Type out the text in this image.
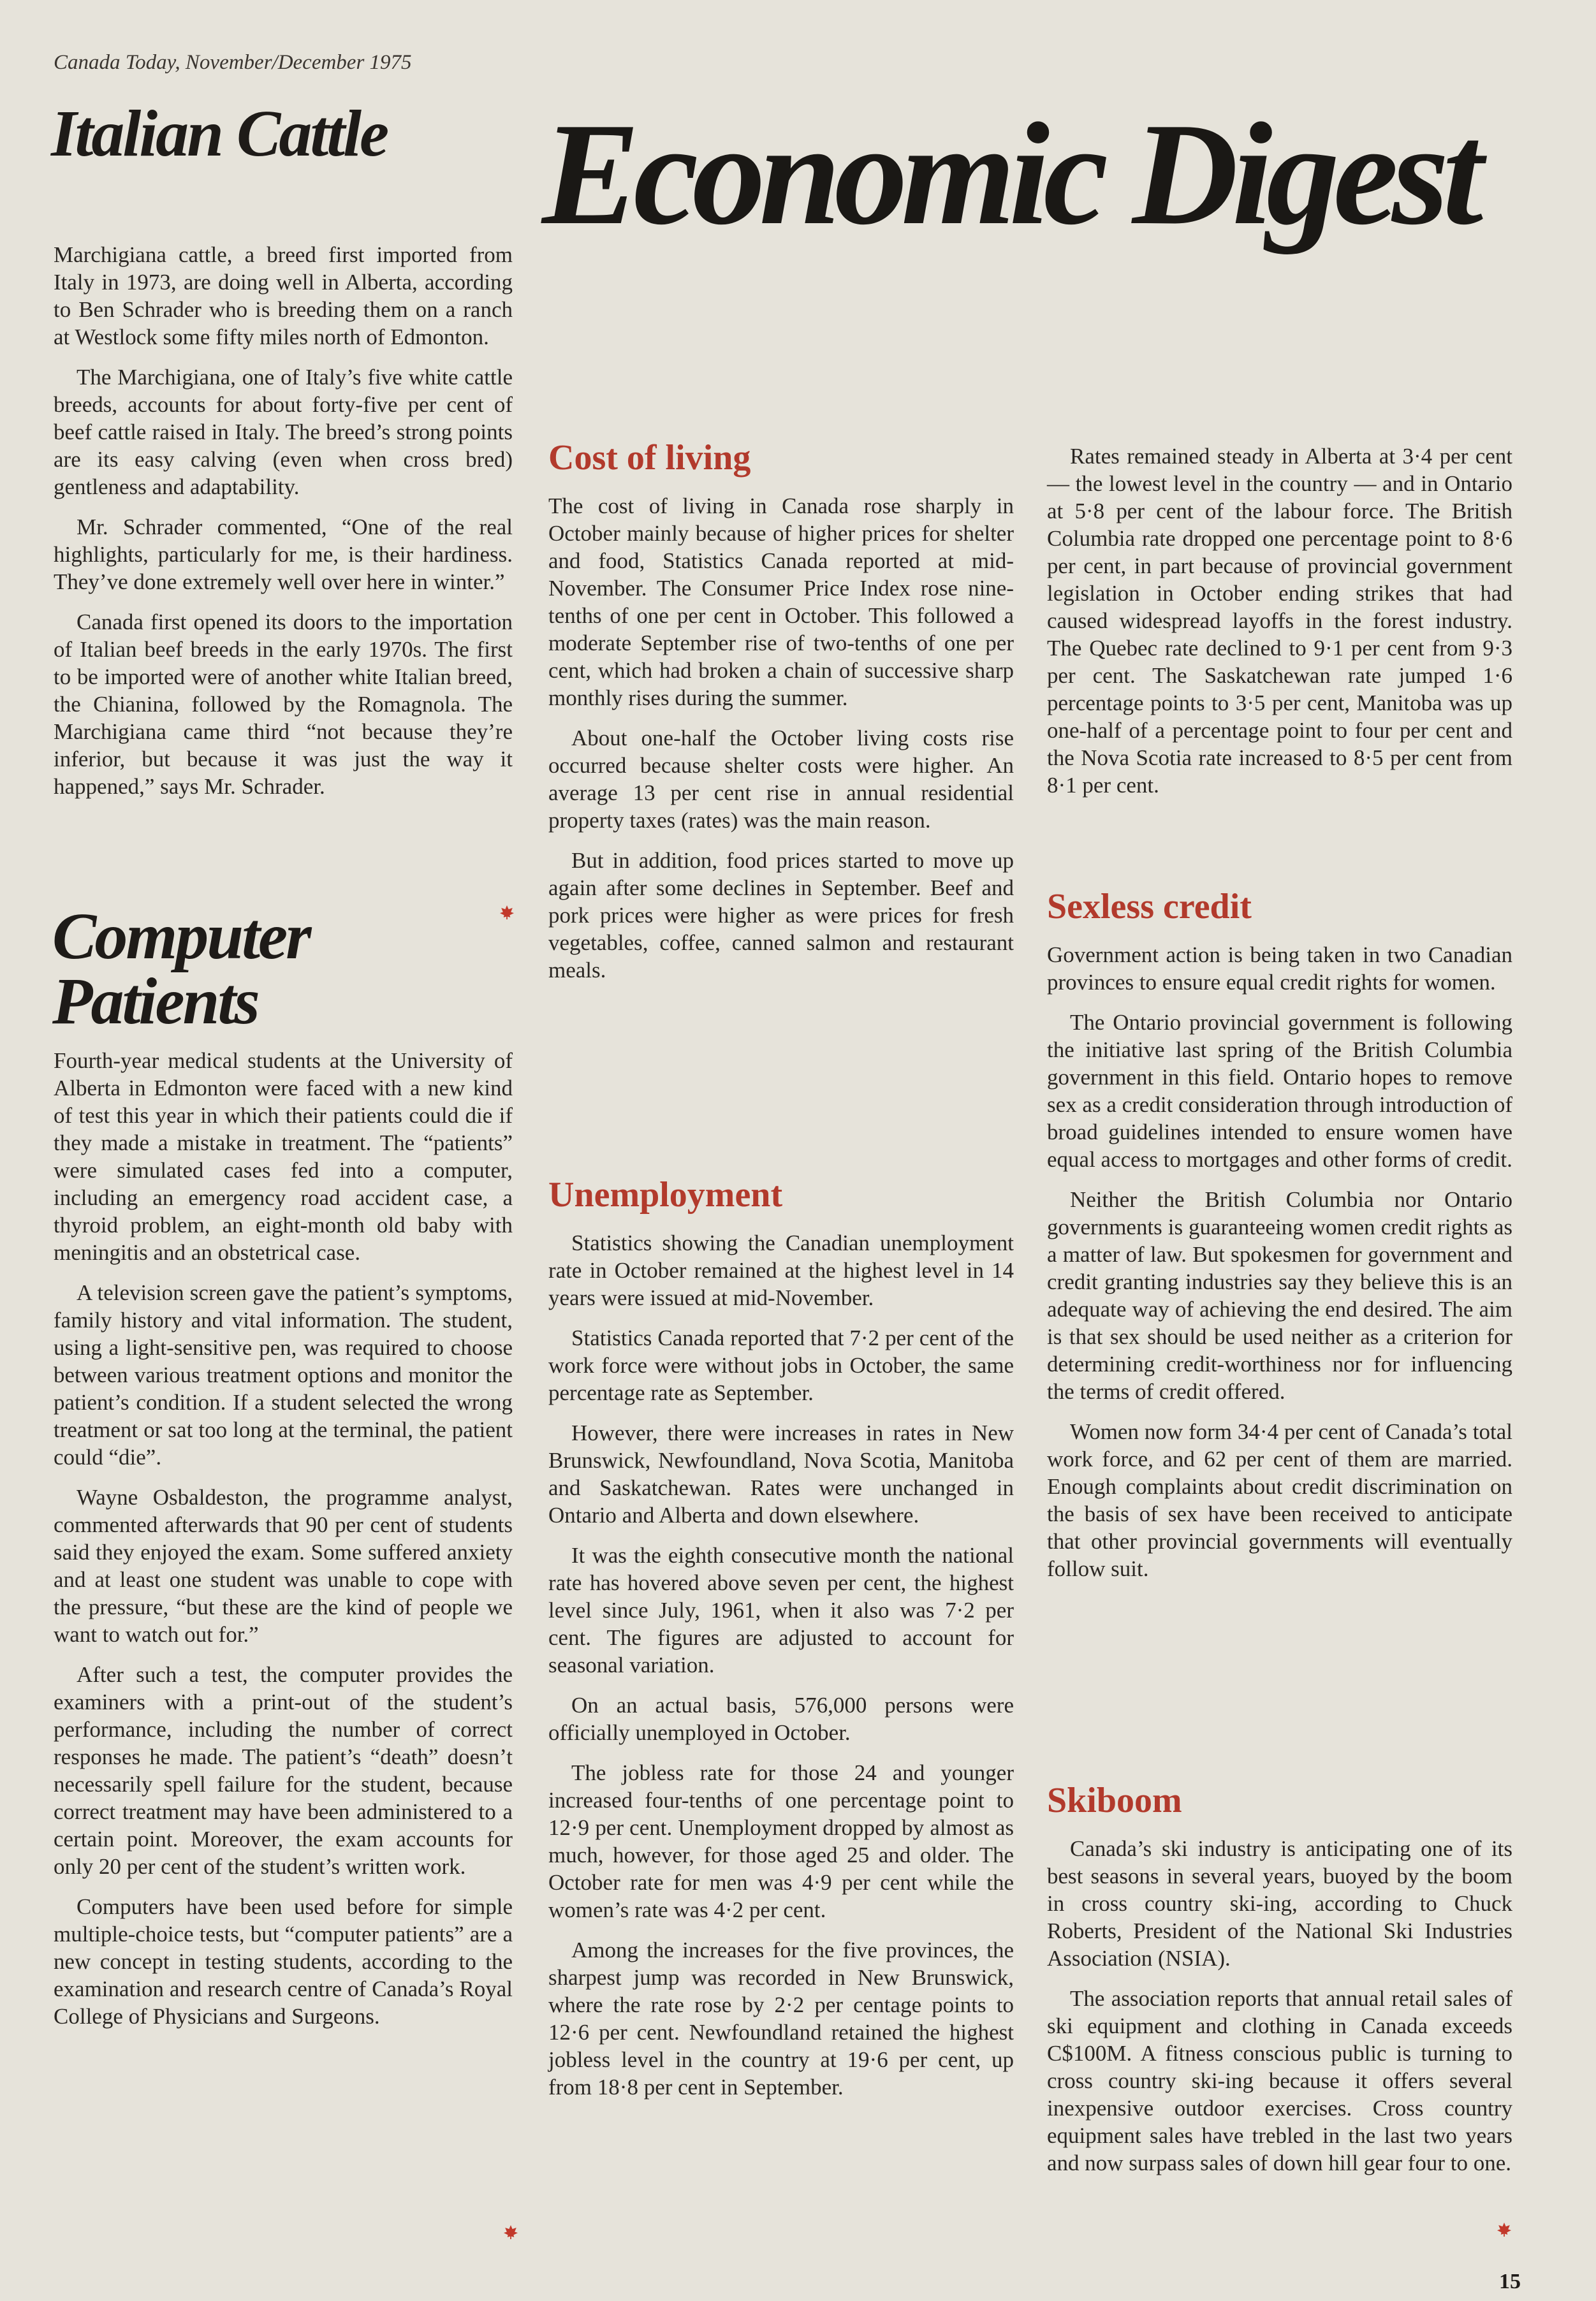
Canada Today, November/December 1975
Italian Cattle Economic Digest

Marchigiana cattle, a breed first imported from Italy in 1973, are doing well in Alberta, according to Ben Schrader who is breeding them on a ranch at Westlock some fifty miles north of Edmonton.

The Marchigiana, one of Italy’s five white cattle breeds, accounts for about forty-five per cent of beef cattle raised in Italy. The breed’s strong points are its easy calving (even when cross bred) gentleness and adaptability.

Mr. Schrader commented, “One of the real highlights, particularly for me, is their hardiness. They’ve done extremely well over here in winter.”

Canada first opened its doors to the importation of Italian beef breeds in the early 1970s. The first to be imported were of another white Italian breed, the Chianina, followed by the Romagnola. The Marchigiana came third “not because they’re inferior, but because it was just the way it happened,” says Mr. Schrader.

Computer
Patients

Fourth-year medical students at the University of Alberta in Edmonton were faced with a new kind of test this year in which their patients could die if they made a mistake in treatment. The “patients” were simulated cases fed into a computer, including an emergency road accident case, a thyroid problem, an eight-month old baby with meningitis and an obstetrical case.

A television screen gave the patient’s symptoms, family history and vital information. The student, using a light-sensitive pen, was required to choose between various treatment options and monitor the patient’s condition. If a student selected the wrong treatment or sat too long at the terminal, the patient could “die”.

Wayne Osbaldeston, the programme analyst, commented afterwards that 90 per cent of students said they enjoyed the exam. Some suffered anxiety and at least one student was unable to cope with the pressure, “but these are the kind of people we want to watch out for.”

After such a test, the computer provides the examiners with a print-out of the student’s performance, including the number of correct responses he made. The patient’s “death” doesn’t necessarily spell failure for the student, because correct treatment may have been administered to a certain point. Moreover, the exam accounts for only 20 per cent of the student’s written work.

Computers have been used before for simple multiple-choice tests, but “computer patients” are a new concept in testing students, according to the examination and research centre of Canada’s Royal College of Physicians and Surgeons.

Cost of living

The cost of living in Canada rose sharply in October mainly because of higher prices for shelter and food, Statistics Canada reported at mid-November. The Consumer Price Index rose nine-tenths of one per cent in October. This followed a moderate September rise of two-tenths of one per cent, which had broken a chain of successive sharp monthly rises during the summer.

About one-half the October living costs rise occurred because shelter costs were higher. An average 13 per cent rise in annual residential property taxes (rates) was the main reason.

But in addition, food prices started to move up again after some declines in September. Beef and pork prices were higher as were prices for fresh vegetables, coffee, canned salmon and restaurant meals.

Unemployment

Statistics showing the Canadian unemployment rate in October remained at the highest level in 14 years were issued at mid-November.

Statistics Canada reported that 7·2 per cent of the work force were without jobs in October, the same percentage rate as September.

However, there were increases in rates in New Brunswick, Newfoundland, Nova Scotia, Manitoba and Saskatchewan. Rates were unchanged in Ontario and Alberta and down elsewhere.

It was the eighth consecutive month the national rate has hovered above seven per cent, the highest level since July, 1961, when it also was 7·2 per cent. The figures are adjusted to account for seasonal variation.

On an actual basis, 576,000 persons were officially unemployed in October.

The jobless rate for those 24 and younger increased four-tenths of one percentage point to 12·9 per cent. Unemployment dropped by almost as much, however, for those aged 25 and older. The October rate for men was 4·9 per cent while the women’s rate was 4·2 per cent.

Among the increases for the five provinces, the sharpest jump was recorded in New Brunswick, where the rate rose by 2·2 per centage points to 12·6 per cent. Newfoundland retained the highest jobless level in the country at 19·6 per cent, up from 18·8 per cent in September.

Rates remained steady in Alberta at 3·4 per cent — the lowest level in the country — and in Ontario at 5·8 per cent of the labour force. The British Columbia rate dropped one percentage point to 8·6 per cent, in part because of provincial government legislation in October ending strikes that had caused widespread layoffs in the forest industry. The Quebec rate declined to 9·1 per cent from 9·3 per cent. The Saskatchewan rate jumped 1·6 percentage points to 3·5 per cent, Manitoba was up one-half of a percentage point to four per cent and the Nova Scotia rate increased to 8·5 per cent from 8·1 per cent.

Sexless credit

Government action is being taken in two Canadian provinces to ensure equal credit rights for women.

The Ontario provincial government is following the initiative last spring of the British Columbia government in this field. Ontario hopes to remove sex as a credit consideration through introduction of broad guidelines intended to ensure women have equal access to mortgages and other forms of credit.

Neither the British Columbia nor Ontario governments is guaranteeing women credit rights as a matter of law. But spokesmen for government and credit granting industries say they believe this is an adequate way of achieving the end desired. The aim is that sex should be used neither as a criterion for determining credit-worthiness nor for influencing the terms of credit offered.

Women now form 34·4 per cent of Canada’s total work force, and 62 per cent of them are married. Enough complaints about credit discrimination on the basis of sex have been received to anticipate that other provincial governments will eventually follow suit.

Skiboom

Canada’s ski industry is anticipating one of its best seasons in several years, buoyed by the boom in cross country ski-ing, according to Chuck Roberts, President of the National Ski Industries Association (NSIA).

The association reports that annual retail sales of ski equipment and clothing in Canada exceeds C$100M. A fitness conscious public is turning to cross country ski-ing because it offers several inexpensive outdoor exercises. Cross country equipment sales have trebled in the last two years and now surpass sales of down hill gear four to one.

15
